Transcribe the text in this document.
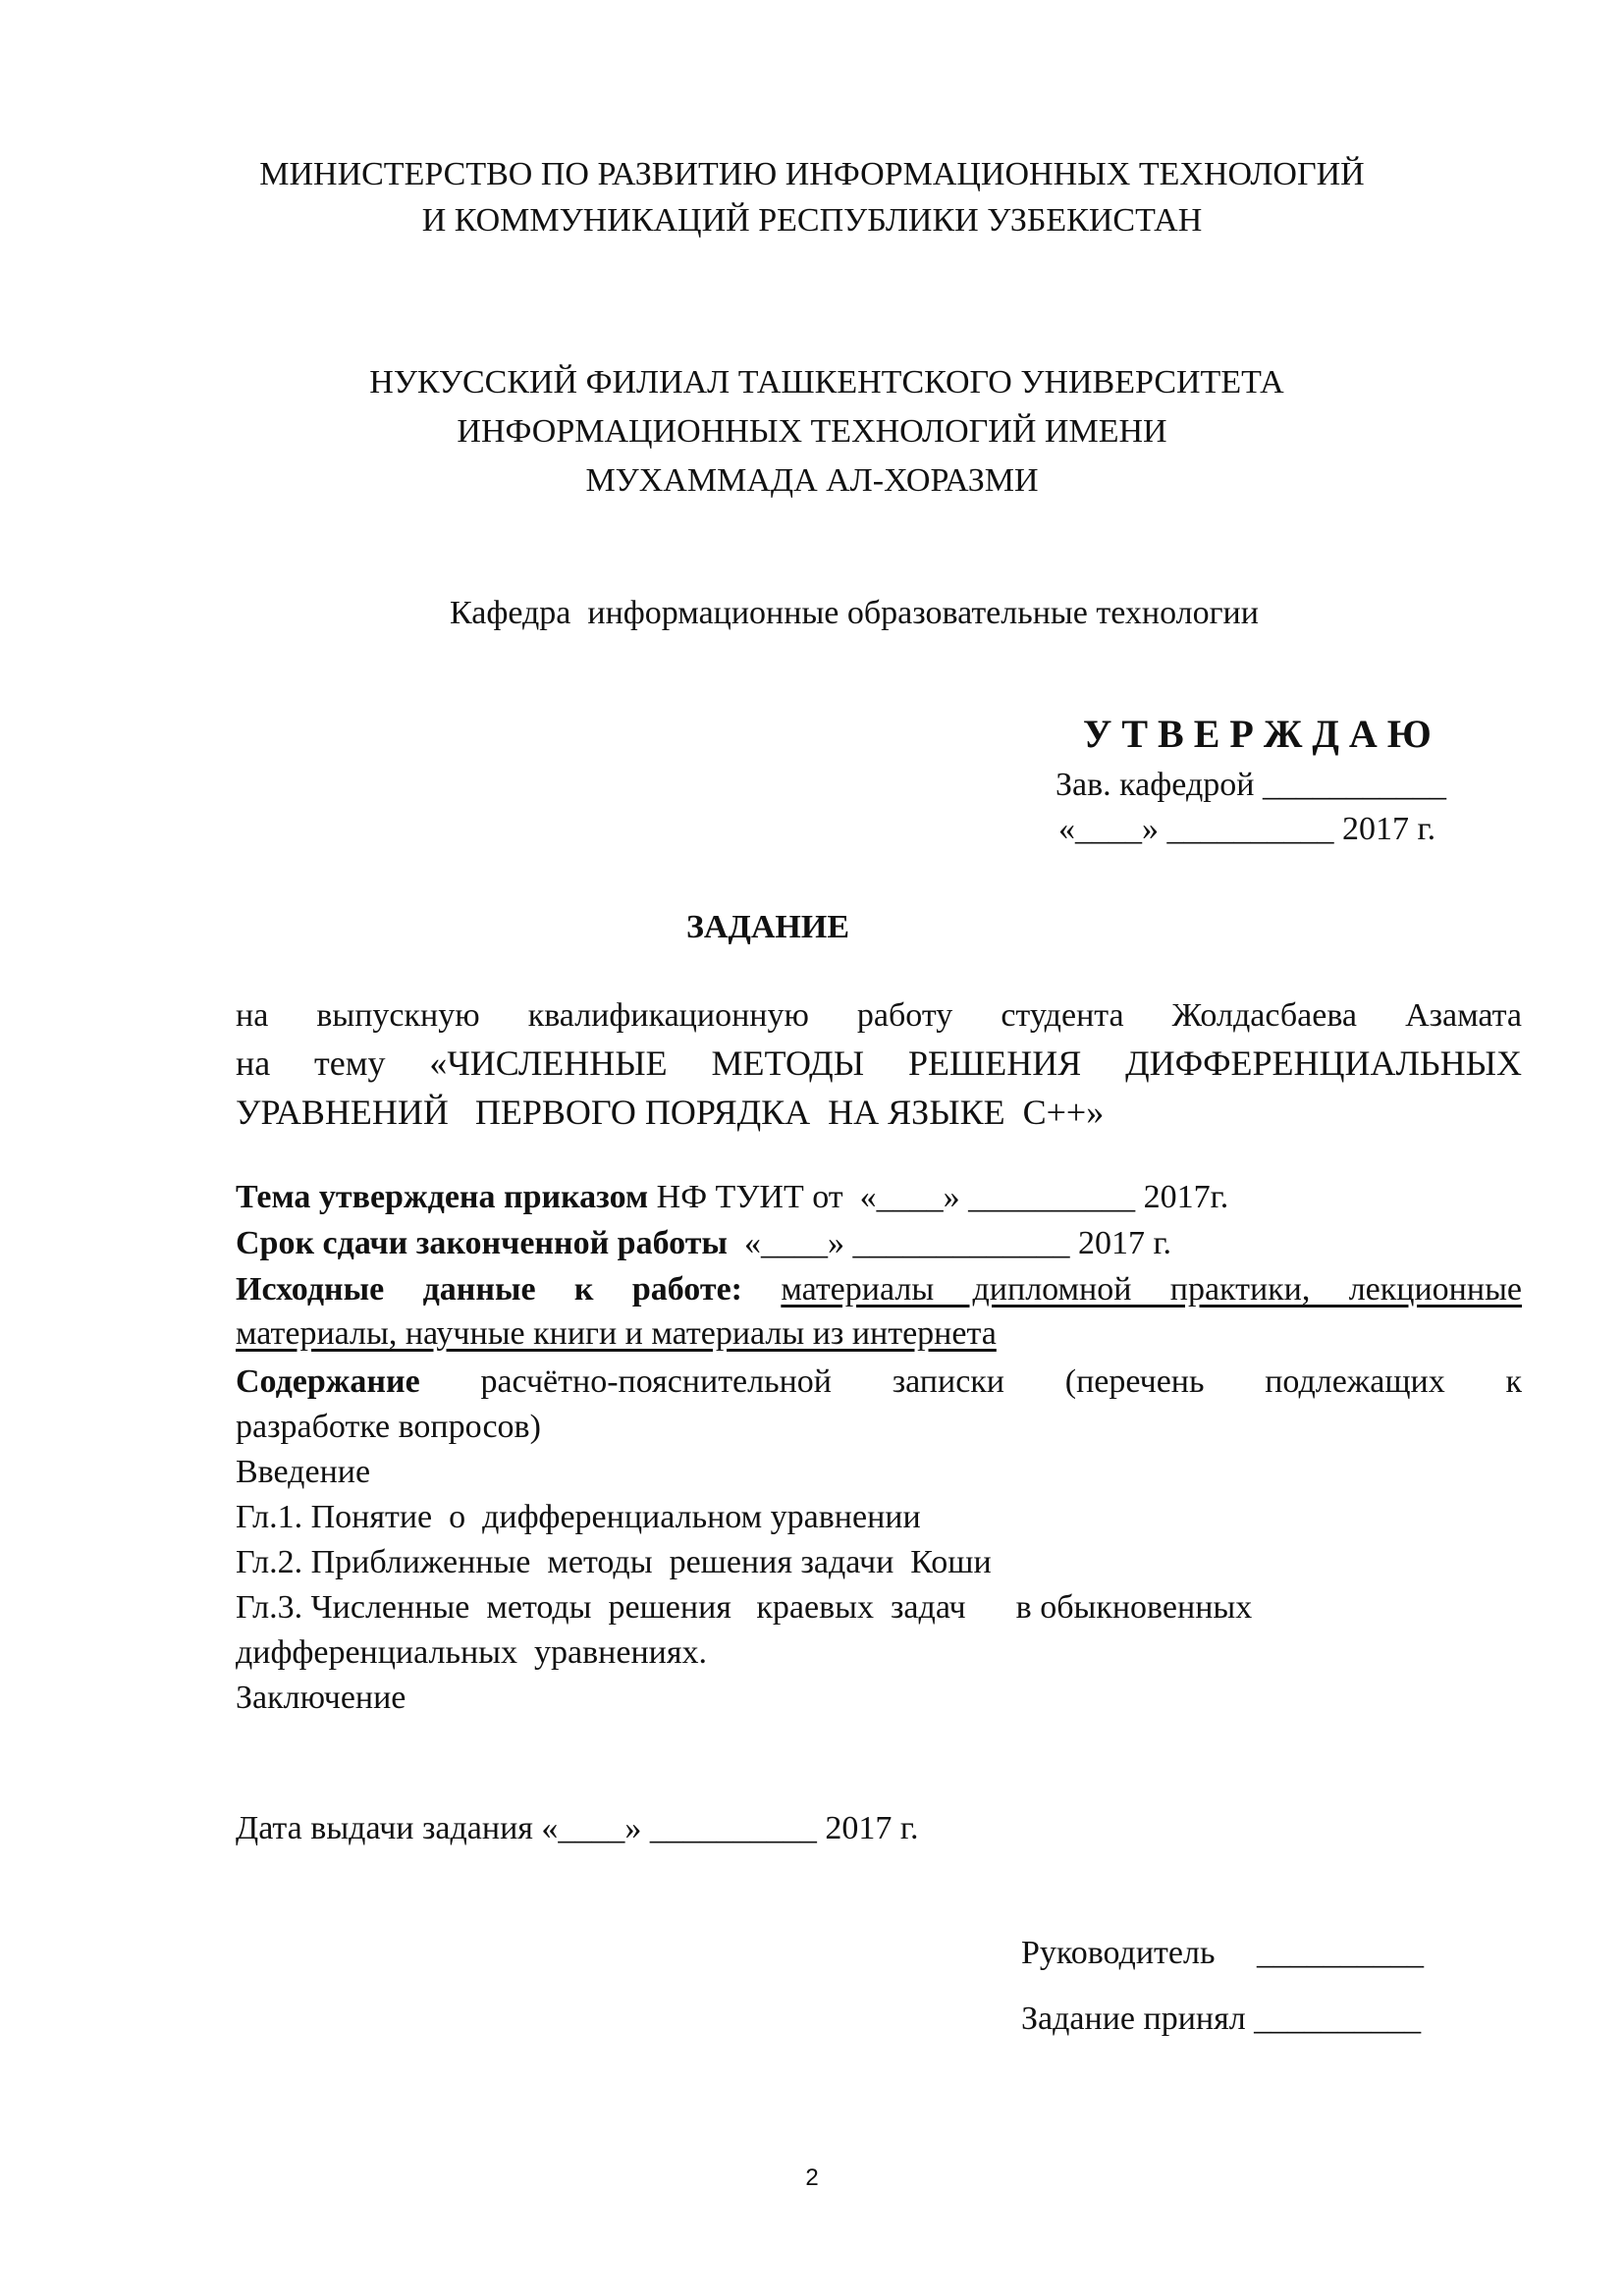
МИНИСТЕРСТВО ПО РАЗВИТИЮ ИНФОРМАЦИОННЫХ ТЕХНОЛОГИЙ
И КОММУНИКАЦИЙ РЕСПУБЛИКИ УЗБЕКИСТАН
НУКУССКИЙ ФИЛИАЛ ТАШКЕНТСКОГО УНИВЕРСИТЕТА
ИНФОРМАЦИОННЫХ ТЕХНОЛОГИЙ ИМЕНИ
МУХАММАДА АЛ-ХОРАЗМИ
Кафедра  информационные образовательные технологии
У Т В Е Р Ж Д А Ю
Зав. кафедрой ___________
«____» __________ 2017 г.
ЗАДАНИЕ
на выпускную квалификационную работу студента Жолдасбаева Азамата
на тему «ЧИСЛЕННЫЕ МЕТОДЫ РЕШЕНИЯ ДИФФЕРЕНЦИАЛЬНЫХ
УРАВНЕНИЙ   ПЕРВОГО ПОРЯДКА  НА ЯЗЫКЕ  С++»
Тема утверждена приказом НФ ТУИТ от  «____» __________ 2017г.
Срок сдачи законченной работы  «____» _____________ 2017 г.
Исходные данные к работе: материалы дипломной практики, лекционные
материалы, научные книги и материалы из интернета
Содержание расчётно-пояснительной записки (перечень подлежащих к
разработке вопросов)
Введение
Гл.1. Понятие  о  дифференциальном уравнении
Гл.2. Приближенные  методы  решения задачи  Коши
Гл.3. Численные  методы  решения   краевых  задач      в обыкновенных
дифференциальных  уравнениях.
Заключение
Дата выдачи задания «____» __________ 2017 г.
Руководитель     __________
Задание принял __________
2
